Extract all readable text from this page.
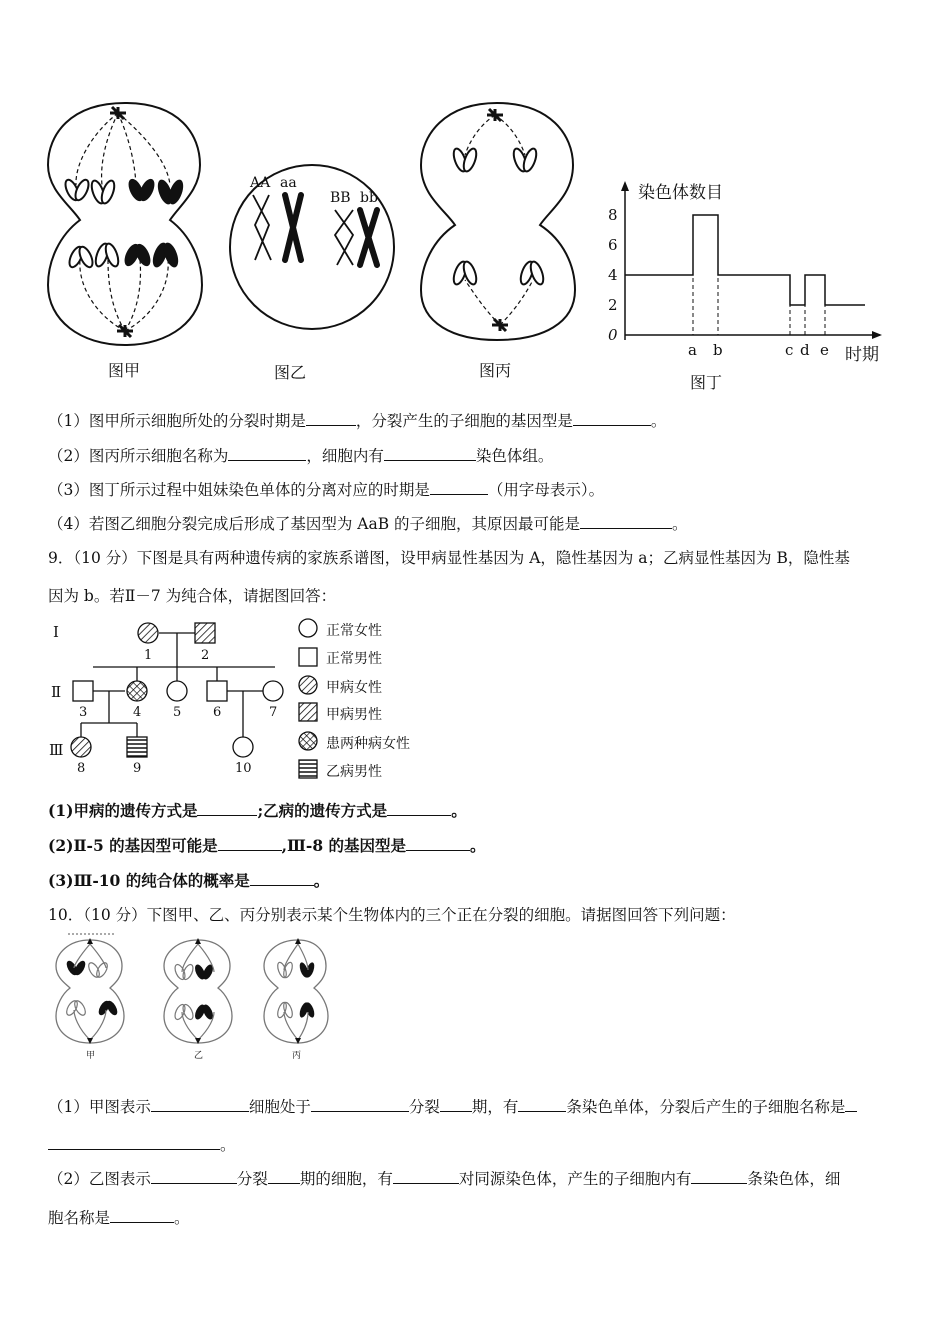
图甲
AA aa
BB bb
图乙	图丙
染色体数目
时期
0
2
4
6
8
a b	c d e
图丁
（1）图甲所示细胞所处的分裂时期是	，分裂产生的子细胞的基因型是	。
（2）图丙所示细胞名称为	，细胞内有	染色体组。
（3）图丁所示过程中姐妹染色单体的分离对应的时期是	（用字母表示）。
（4）若图乙细胞分裂完成后形成了基因型为 AaB 的子细胞，其原因最可能是	。
9．（10 分）下图是具有两种遗传病的家族系谱图，设甲病显性基因为 A，隐性基因为 a；乙病显性基因为 B，隐性基
因为 b。若Ⅱ－7 为纯合体，请据图回答：
Ⅰ
Ⅱ
Ⅲ
1	2
3	4 5 6	7
8	9	10
正常女性
正常男性
甲病女性
甲病男性
患两种病女性
乙病男性
(1)甲病的遗传方式是	;乙病的遗传方式是	。
(2)Ⅱ-5 的基因型可能是	,Ⅲ-8 的基因型是	。
(3)Ⅲ-10 的纯合体的概率是	。
10．（10 分）下图甲、乙、丙分别表示某个生物体内的三个正在分裂的细胞。请据图回答下列问题：
甲	乙	丙
（1）甲图表示	细胞处于	分裂 期，有	条染色单体，分裂后产生的子细胞名称是
。
（2）乙图表示	分裂 期的细胞，有	对同源染色体，产生的子细胞内有	条染色体，细
胞名称是	。
